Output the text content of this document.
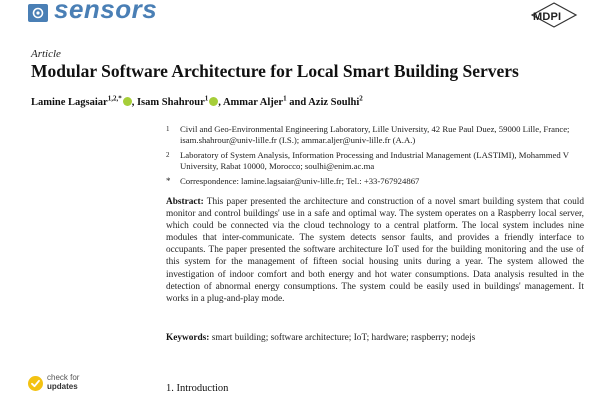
sensors	MDPI
Article
Modular Software Architecture for Local Smart Building Servers
Lamine Lagsaiar$^{1,2,*}$ , Isam Shahrour$^1$ , Ammar Aljer$^1$ and Aziz Soulhi$^2$
1 Civil and Geo-Environmental Engineering Laboratory, Lille University, 42 Rue Paul Duez, 59000 Lille, France; isam.shahrour@univ-lille.fr (I.S.); ammar.aljer@univ-lille.fr (A.A.)
2 Laboratory of System Analysis, Information Processing and Industrial Management (LASTIMI), Mohammed V University, Rabat 10000, Morocco; soulhi@enim.ac.ma
* Correspondence: lamine.lagsaiar@univ-lille.fr; Tel.: +33-767924867
Abstract: This paper presented the architecture and construction of a novel smart building system that could monitor and control buildings' use in a safe and optimal way. The system operates on a Raspberry local server, which could be connected via the cloud technology to a central platform. The local system includes nine modules that inter-communicate. The system detects sensor faults, and provides a friendly interface to occupants. The paper presented the software architecture IoT used for the building monitoring and the use of this system for the management of fifteen social housing units during a year. The system allowed the investigation of indoor comfort and both energy and hot water consumptions. Data analysis resulted in the detection of abnormal energy consumptions. The system could be easily used in buildings' management. It works in a plug-and-play mode.
Keywords: smart building; software architecture; IoT; hardware; raspberry; nodejs
check for
updates	1. Introduction
